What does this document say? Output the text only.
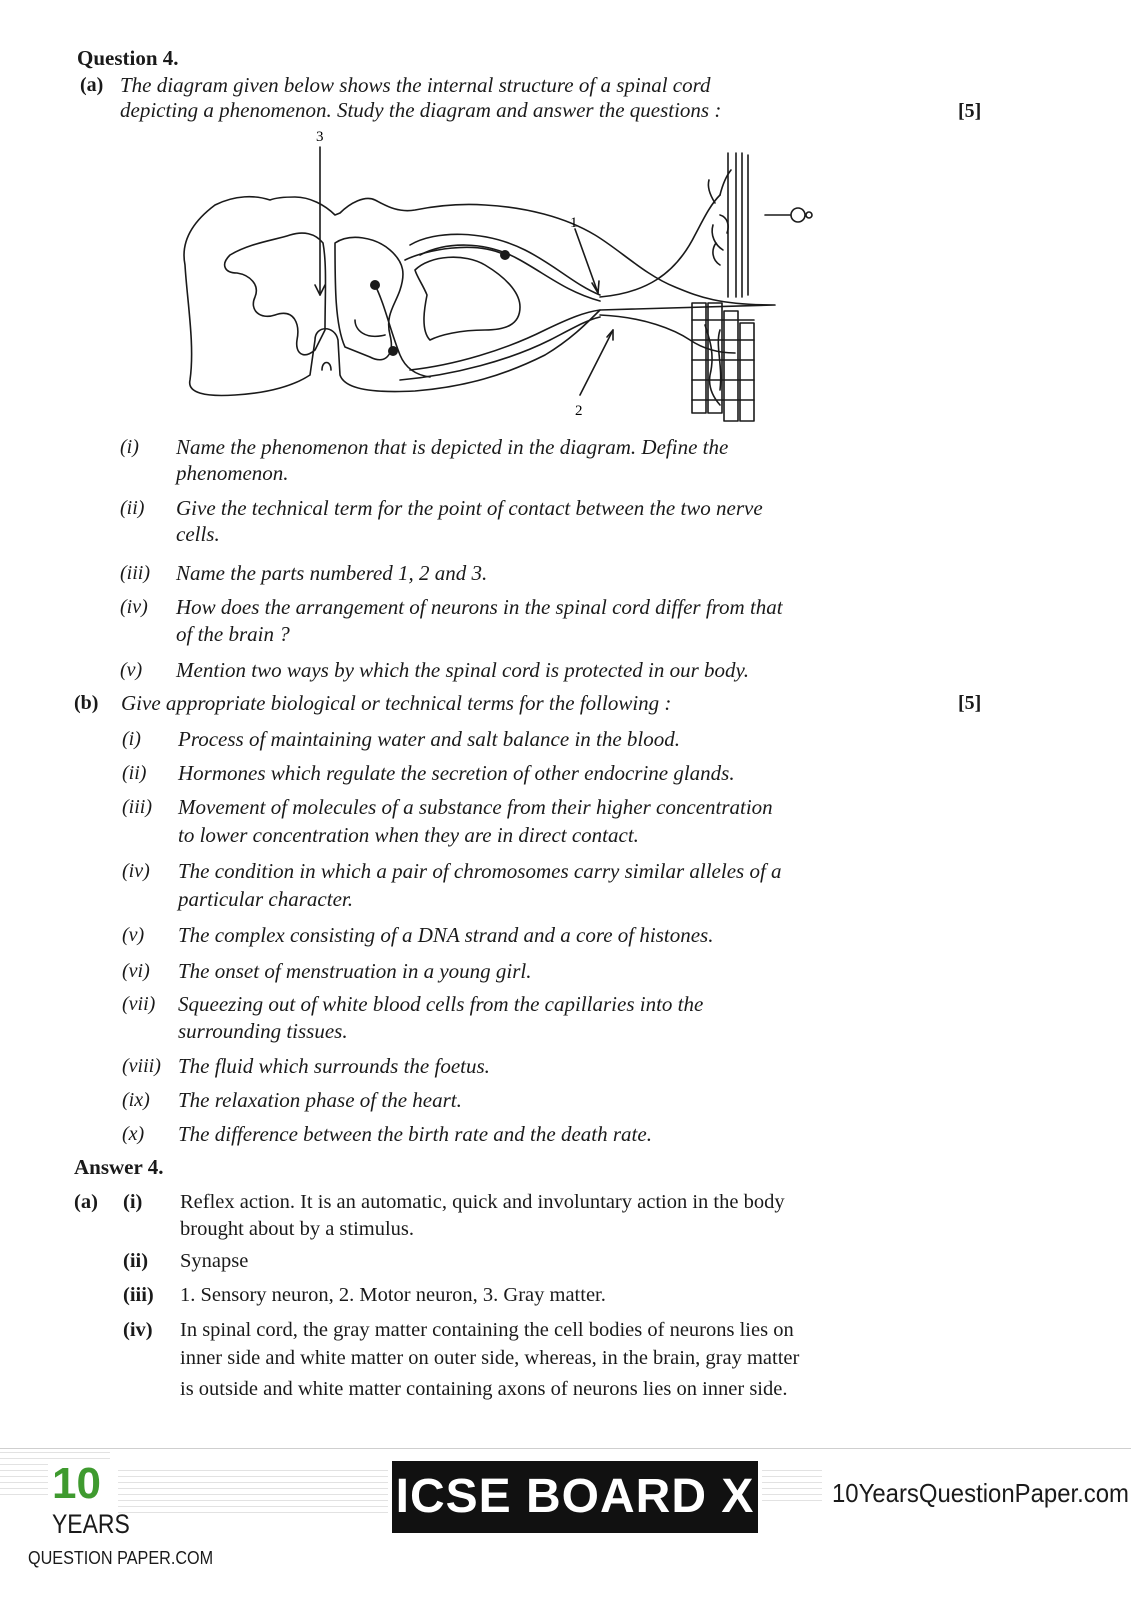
Question 4.
(a) The diagram given below shows the internal structure of a spinal cord
depicting a phenomenon. Study the diagram and answer the questions :	[5]
3
1
2
(i) Name the phenomenon that is depicted in the diagram. Define the
phenomenon.
(ii) Give the technical term for the point of contact between the two nerve
cells.
(iii) Name the parts numbered 1, 2 and 3.
(iv) How does the arrangement of neurons in the spinal cord differ from that
of the brain ?
(v) Mention two ways by which the spinal cord is protected in our body.
(b) Give appropriate biological or technical terms for the following :	[5]
(i) Process of maintaining water and salt balance in the blood.
(ii) Hormones which regulate the secretion of other endocrine glands.
(iii) Movement of molecules of a substance from their higher concentration
to lower concentration when they are in direct contact.
(iv) The condition in which a pair of chromosomes carry similar alleles of a
particular character.
(v) The complex consisting of a DNA strand and a core of histones.
(vi) The onset of menstruation in a young girl.
(vii) Squeezing out of white blood cells from the capillaries into the
surrounding tissues.
(viii) The fluid which surrounds the foetus.
(ix) The relaxation phase of the heart.
(x) The difference between the birth rate and the death rate.
Answer 4.
(a) (i) Reflex action. It is an automatic, quick and involuntary action in the body
brought about by a stimulus.
(ii) Synapse
(iii) 1. Sensory neuron, 2. Motor neuron, 3. Gray matter.
(iv) In spinal cord, the gray matter containing the cell bodies of neurons lies on
inner side and white matter on outer side, whereas, in the brain, gray matter
is outside and white matter containing axons of neurons lies on inner side.
10
YEARS
QUESTION PAPER.COM
ICSE BOARD X	10YearsQuestionPaper.com
